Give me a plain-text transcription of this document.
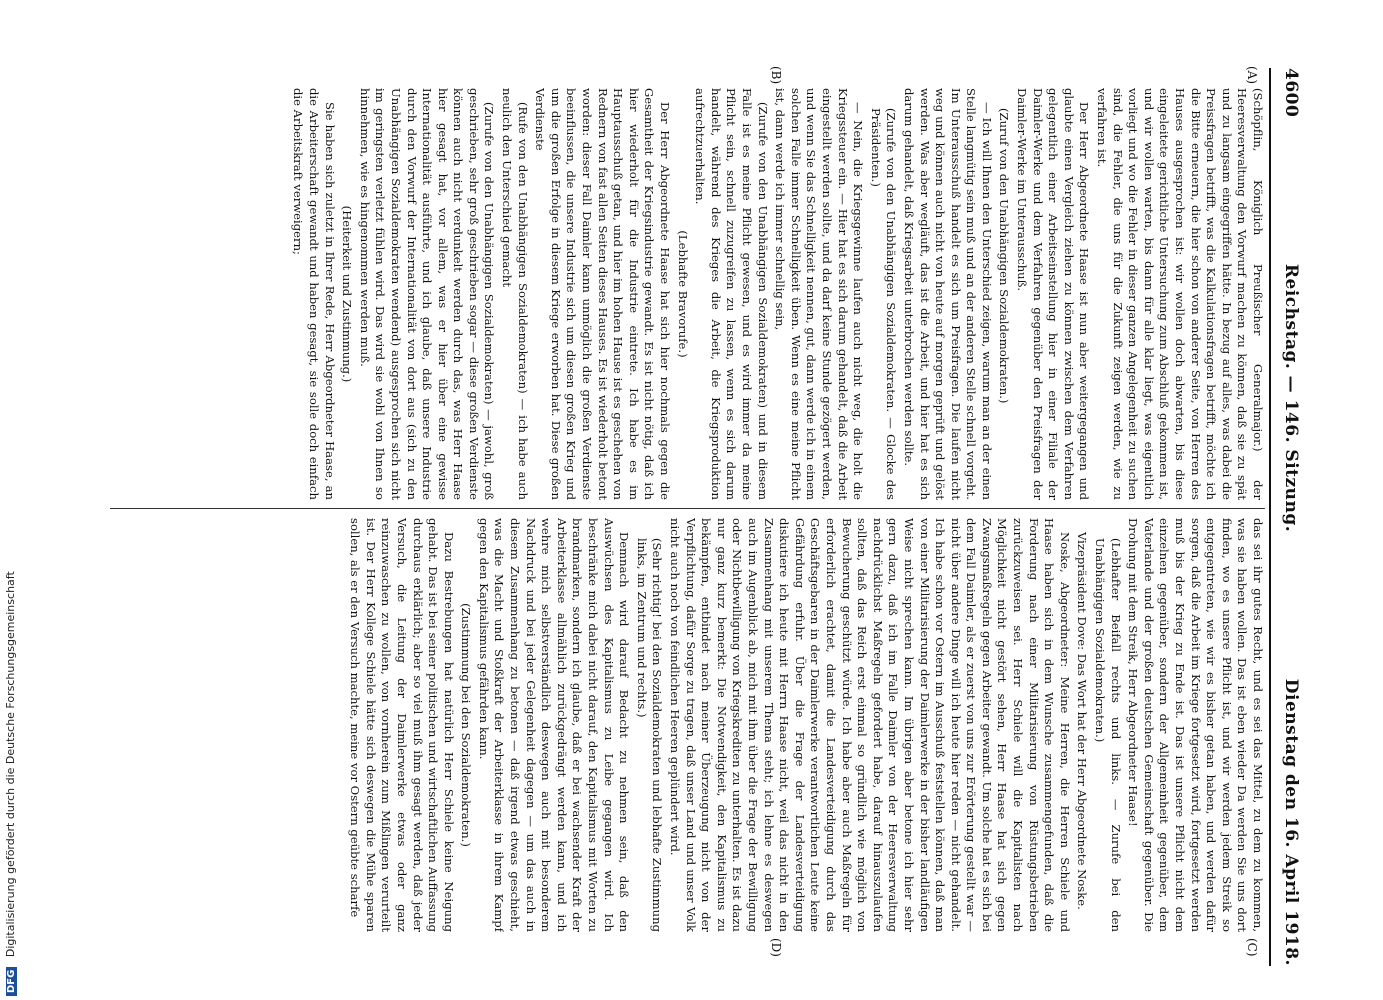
4600
Reichstag. — 146. Sitzung.
Dienstag den 16. April 1918.
(A)
(B)
(C)
(D)

(Schöpflin, Königlich Preußischer Generalmajor.) der Heeresverwaltung den Vorwurf machen zu können, daß sie zu spät und zu langsam eingegriffen hätte. In bezug auf alles, was dabei die Preissfragen betrifft, was die Kalkulationsfragen betrifft, möchte ich die Bitte erneuern, die hier schon von anderer Seite, von Herren des Hauses ausgesprochen ist: wir wollen doch abwarten, bis diese eingeleitete gerichtliche Untersuchung zum Abschluß gekommen ist, und wir wollen warten, bis dann für alle klar liegt, was eigentlich vorliegt und wo die Fehler in dieser ganzen Angelegenheit zu suchen sind, die Fehler, die uns für die Zukunft zeigen werden, wie zu verfahren ist.

Der Herr Abgeordnete Haase ist nun aber weitergegangen und glaubte einen Vergleich ziehen zu können zwischen dem Verfahren gelegentlich einer Arbeitseinstellung hier in einer Filiale der Daimler-Werke und dem Verfahren gegenüber den Preisfragen der Daimler-Werke im Unterausschuß.

(Zuruf von den Unabhängigen Sozialdemokraten.)

— Ich will Ihnen den Unterschied zeigen, warum man an der einen Stelle langmütig sein muß und an der anderen Stelle schnell vorgeht. Im Unterausschuß handelt es sich um Preisfragen. Die laufen nicht weg und können auch nicht von heute auf morgen geprüft und gelöst werden. Was aber wegläuft, das ist die Arbeit, und hier hat es sich darum gehandelt, daß Kriegsarbeit unterbrochen werden sollte.

(Zurufe von den Unabhängigen Sozialdemokraten. — Glocke des Präsidenten.)

— Nein, die Kriegsgewinne laufen auch nicht weg, die holt die Kriegssteuer ein. — Hier hat es sich darum gehandelt, daß die Arbeit eingestellt werden sollte, und da darf keine Stunde gezögert werden, und wenn Sie das Schnelligkeit nennen, gut, dann werde ich in einem solchen Falle immer Schnelligkeit üben. Wenn es eine meine Pflicht ist, dann werde ich immer schnellig sein,

(Zurufe von den Unabhängigen Sozialdemokraten) und in diesem Falle ist es meine Pflicht gewesen, und es wird immer da meine Pflicht sein, schnell zuzugreifen zu lassen, wenn es sich darum handelt, während des Krieges die Arbeit, die Kriegsproduktion aufrechtzuerhalten.

(Lebhafte Bravorufe.)

Der Herr Abgeordnete Haase hat sich hier nochmals gegen die Gesamtheit der Kriegsindustrie gewandt. Es ist nicht nötig, daß ich hier wiederholt für die Industrie eintrete. Ich habe es im Hauptausschuß getan, und hier im hohen Hause ist es geschehen von Rednern von fast allen Seiten dieses Hauses. Es ist wiederholt betont worden: dieser Fall Daimler kann unmöglich die großen Verdienste beeinflussen, die unsere Industrie sich um diesen großen Krieg und um die großen Erfolge in diesem Kriege erworben hat. Diese großen Verdienste

(Rufe von den Unabhängigen Sozialdemokraten) — ich habe auch neulich den Unterschied gemacht

(Zurufe von den Unabhängigen Sozialdemokraten) — jawohl, groß geschrieben, sehr groß geschrieben sogar — diese großen Verdienste können auch nicht verdunkelt werden durch das, was Herr Haase hier gesagt hat, vor allem, was er hier über eine gewisse Internationalität ausführte, und ich glaube, daß unsere Industrie durch den Vorwurf der Internationalität von dort aus (sich zu den Unabhängigen Sozialdemokraten wendend) ausgesprochen sich nicht im geringsten verletzt fühlen wird. Das wird sie wohl von Ihnen so hinnehmen, wie es hingenommen werden muß.

(Heiterkeit und Zustimmung.)

Sie haben sich zuletzt in Ihrer Rede, Herr Abgeordneter Haase, an die Arbeiterschaft gewandt und haben gesagt, sie solle doch einfach die Arbeitskraft verweigern;

das sei ihr gutes Recht, und es sei das Mittel, zu dem zu kommen, was sie haben wollen. Das ist eben wieder Da werden Sie uns dort finden, wo es unsere Pflicht ist, und wir werden jedem Streik so entgegentreten, wie wir es bisher getan haben, und werden dafür sorgen, daß die Arbeit im Kriege fortgesetzt wird, fortgesetzt werden muß bis der Krieg zu Ende ist. Das ist unsere Pflicht nicht dem einzelnen gegenüber, sondern der Allgemeinheit gegenüber, dem Vaterlande und der großen deutschen Gemeinschaft gegenüber. Die Drohung mit dem Streik, Herr Abgeordneter Haase!

(Lebhafter Beifall rechts und links. — Zurufe bei den Unabhängigen Sozialdemokraten.)

Vizepräsident Dove: Das Wort hat der Herr Abgeordnete Noske.

Noske, Abgeordneter: Meine Herren, die Herren Schiele und Haase haben sich in dem Wunsche zusammengefunden, daß die Forderung nach einer Militarisierung von Rüstungsbetrieben zurückzuweisen sei. Herr Schiele will die Kapitalisten nach Möglichkeit nicht gestört sehen, Herr Haase hat sich gegen Zwangsmaßregeln gegen Arbeiter gewandt. Um solche hat es sich bei dem Fall Daimler, als er zuerst von uns zur Erörterung gestellt war — nicht über andere Dinge will ich heute hier reden — nicht gehandelt. Ich habe schon vor Ostern im Ausschuß feststellen können, daß man von einer Militarisierung der Daimlerwerke in der bisher landläufigen Weise nicht sprechen kann. Im übrigen aber betone ich hier sehr gern dazu, daß ich im Falle Daimler von der Heeresverwaltung nachdrücklichst Maßregeln gefordert habe, darauf hinauszulaufen sollten, daß das Reich erst einmal so gründlich wie möglich von Bewucherung geschützt würde. Ich habe aber auch Maßregeln für erforderlich erachtet, damit die Landesverteidigung durch das Geschäftsgebaren in der Daimlerwerke verantwortlichen Leute keine Gefährdung erfuhr. Über die Frage der Landesverteidigung diskutiere ich heute mit Herrn Haase nicht, weil das nicht in den Zusammenhang mit unserem Thema steht; ich lehne es deswegen auch im Augenblick ab, mich mit ihm über die Frage der Bewilligung oder Nichtbewilligung von Kriegskrediten zu unterhalten. Es ist dazu nur ganz kurz bemerkt: Die Notwendigkeit, den Kapitalismus zu bekämpfen, entbindet nach meiner Überzeugung nicht von der Verpflichtung, dafür Sorge zu tragen, daß unser Land und unser Volk nicht auch noch von feindlichen Heeren geplündert wird.

(Sehr richtig! bei den Sozialdemokraten und lebhafte Zustimmung links, im Zentrum und rechts.)

Demnach wird darauf Bedacht zu nehmen sein, daß den Auswüchsen des Kapitalismus zu Leibe gegangen wird. Ich beschränke mich dabei nicht darauf, den Kapitalismus mit Worten zu brandmarken, sondern ich glaube, daß er bei wachsender Kraft der Arbeiterklasse allmählich zurückgedrängt werden kann, und ich wehre mich selbstverständlich deswegen auch mit besonderem Nachdruck und bei jeder Gelegenheit dagegen — um das auch in diesem Zusammenhang zu betonen — daß irgend etwas geschieht, was die Macht und Stoßkraft der Arbeiterklasse in ihrem Kampf gegen den Kapitalismus gefährden kann.

(Zustimmung bei den Sozialdemokraten.)

Dazu Bestrebungen hat natürlich Herr Schiele keine Neigung gehabt. Das ist bei seiner politischen und wirtschaftlichen Auffassung durchaus erklärlich; aber so viel muß ihm gesagt werden, daß jeder Versuch, die Leitung der Daimlerwerke etwas oder ganz reinzuwaschen zu wollen, von vornherein zum Mißlingen verurteilt ist. Der Herr Kollege Schiele hätte sich deswegen die Mühe sparen sollen, als er den Versuch machte, meine vor Ostern geübte scharfe

DFG Digitalisierung gefördert durch die Deutsche Forschungsgemeinschaft
